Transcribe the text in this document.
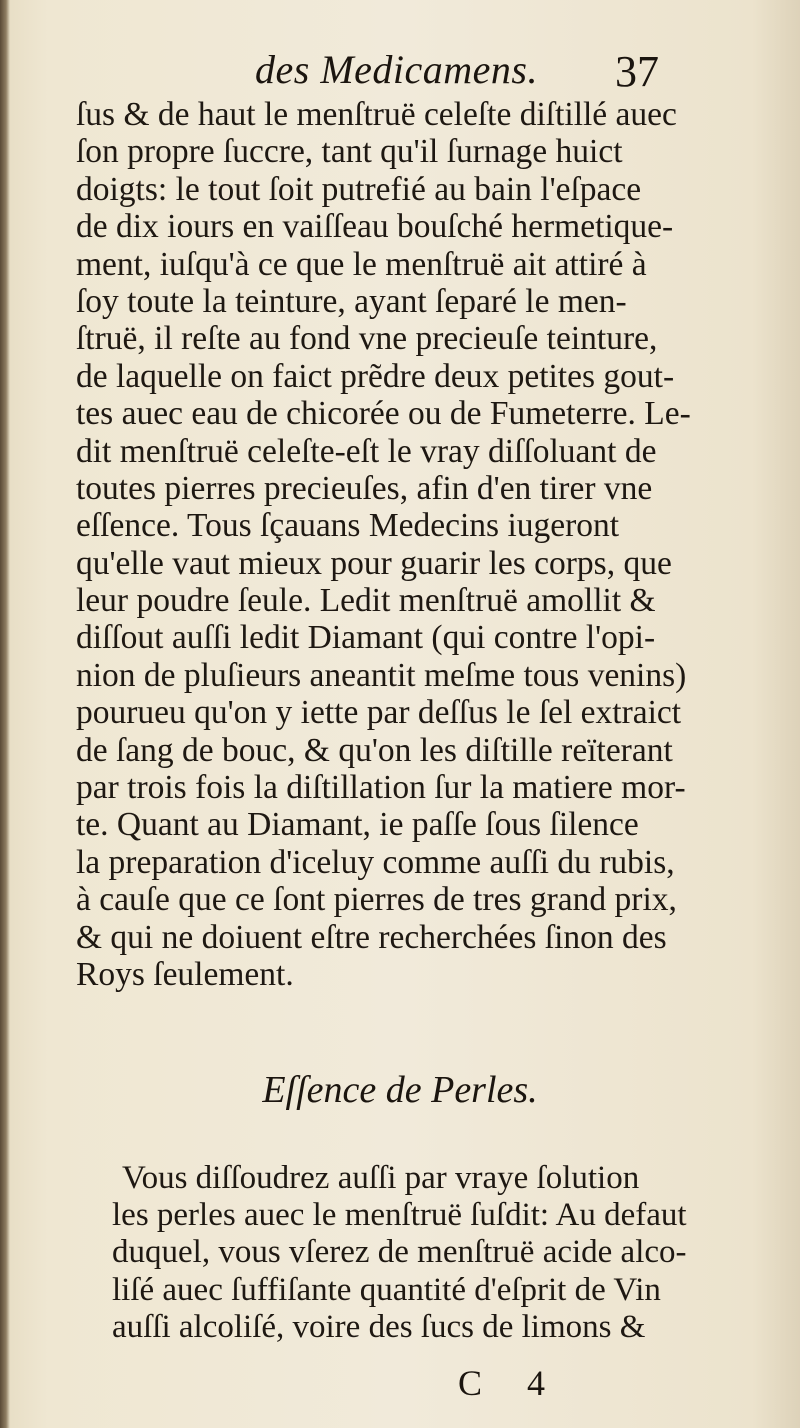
des Medicamens. 37
ſus & de haut le menſtruë celeſte diſtillé auec
ſon propre ſuccre, tant qu'il ſurnage huict
doigts: le tout ſoit putrefié au bain l'eſpace
de dix iours en vaiſſeau bouſché hermetique-
ment, iuſqu'à ce que le menſtruë ait attiré à
ſoy toute la teinture, ayant ſeparé le men-
ſtruë, il reſte au fond vne precieuſe teinture,
de laquelle on faict prẽdre deux petites gout-
tes auec eau de chicorée ou de Fumeterre. Le-
dit menſtruë celeſte-eſt le vray diſſoluant de
toutes pierres precieuſes, afin d'en tirer vne
eſſence. Tous ſçauans Medecins iugeront
qu'elle vaut mieux pour guarir les corps, que
leur poudre ſeule. Ledit menſtruë amollit &
diſſout auſſi ledit Diamant (qui contre l'opi-
nion de pluſieurs aneantit meſme tous venins)
pourueu qu'on y iette par deſſus le ſel extraict
de ſang de bouc, & qu'on les diſtille reïterant
par trois fois la diſtillation ſur la matiere mor-
te. Quant au Diamant, ie paſſe ſous ſilence
la preparation d'iceluy comme auſſi du rubis,
à cauſe que ce ſont pierres de tres grand prix,
& qui ne doiuent eſtre recherchées ſinon des
Roys ſeulement.
Eſſence de Perles.
Vous diſſoudrez auſſi par vraye ſolution
les perles auec le menſtruë ſuſdit: Au defaut
duquel, vous vſerez de menſtruë acide alco-
liſé auec ſuffiſante quantité d'eſprit de Vin
auſſi alcoliſé, voire des ſucs de limons &
C 4
